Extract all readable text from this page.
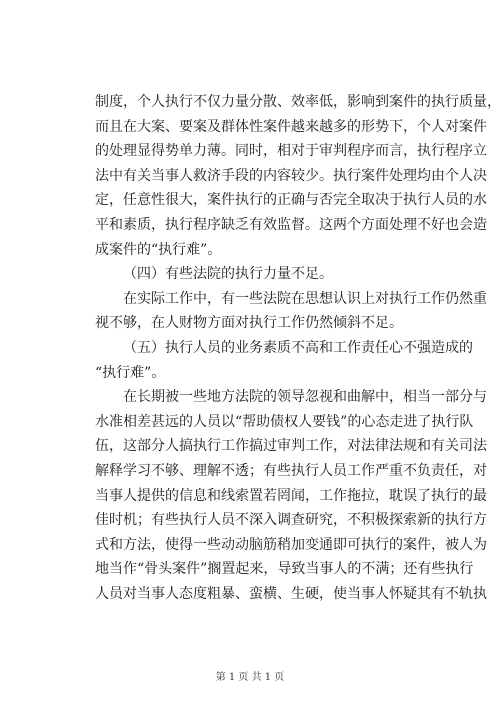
制度，个人执行不仅力量分散、效率低，影响到案件的执行质量，
而且在大案、要案及群体性案件越来越多的形势下，个人对案件
的处理显得势单力薄。同时，相对于审判程序而言，执行程序立
法中有关当事人救济手段的内容较少。执行案件处理均由个人决
定，任意性很大，案件执行的正确与否完全取决于执行人员的水
平和素质，执行程序缺乏有效监督。这两个方面处理不好也会造
成案件的“执行难”。
（四）有些法院的执行力量不足。
在实际工作中，有一些法院在思想认识上对执行工作仍然重
视不够，在人财物方面对执行工作仍然倾斜不足。
（五）执行人员的业务素质不高和工作责任心不强造成的
“执行难”。
在长期被一些地方法院的领导忽视和曲解中，相当一部分与
水准相差甚远的人员以“帮助债权人要钱”的心态走进了执行队
伍，这部分人搞执行工作搞过审判工作，对法律法规和有关司法
解释学习不够、理解不透；有些执行人员工作严重不负责任，对
当事人提供的信息和线索置若罔闻，工作拖拉，耽误了执行的最
佳时机；有些执行人员不深入调查研究，不积极探索新的执行方
式和方法，使得一些动动脑筋稍加变通即可执行的案件，被人为
地当作“骨头案件”搁置起来，导致当事人的不满；还有些执行
人员对当事人态度粗暴、蛮横、生硬，使当事人怀疑其有不轨执
第 1 页 共 1 页
